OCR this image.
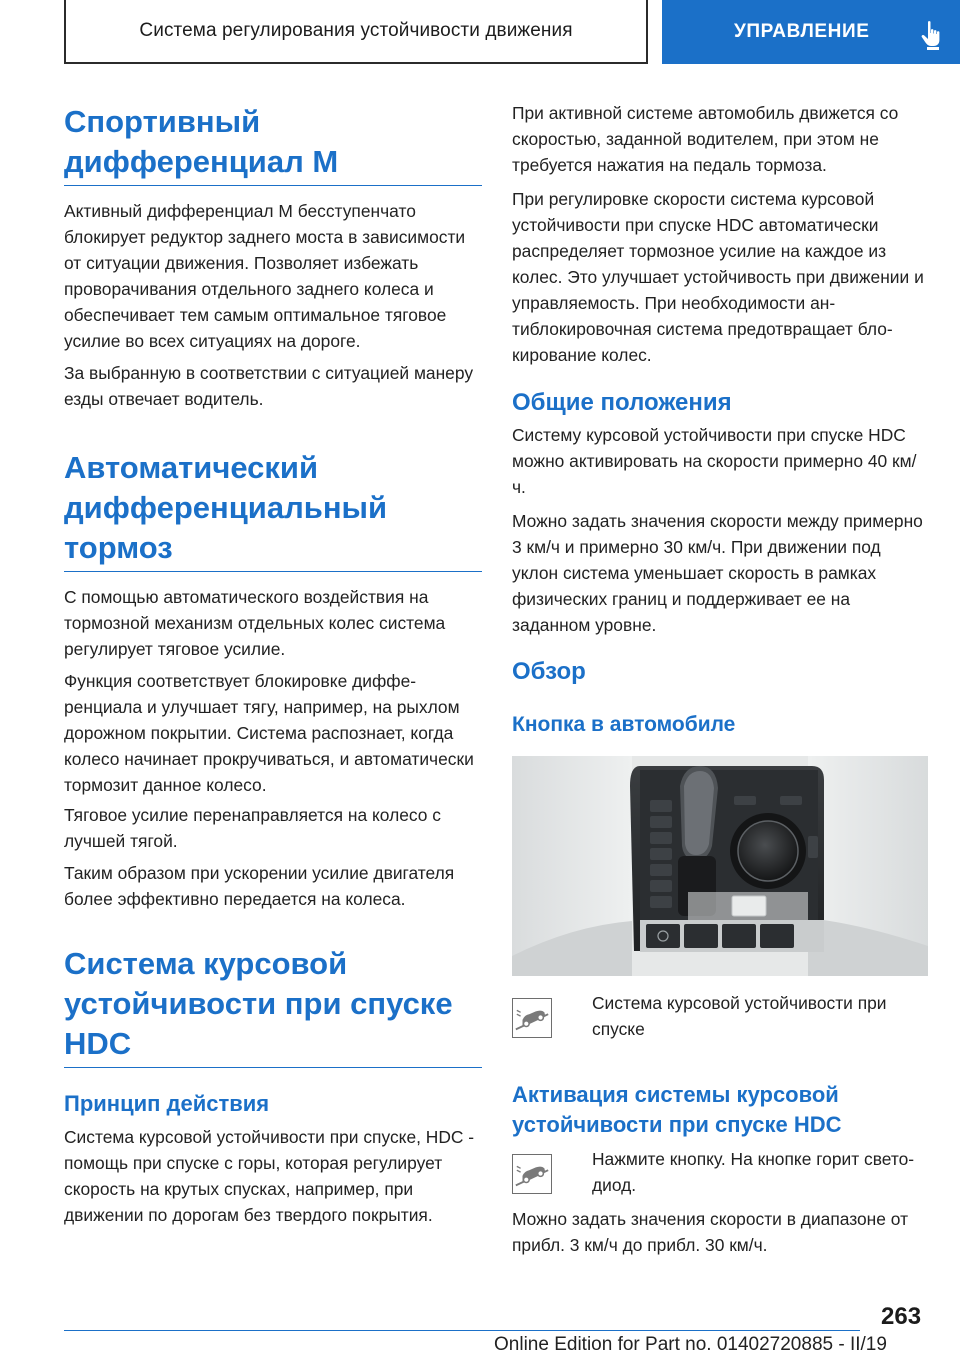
Система регулирования устойчивости движения	УПРАВЛЕНИЕ
Спортивный дифференциал M

Активный дифференциал M бесступенчато блокирует редуктор заднего моста в зависимости от ситуации движения. Позволяет избежать проворачивания отдельного заднего колеса и обеспечивает тем самым оптимальное тяговое усилие во всех ситуациях на дороге.

За выбранную в соответствии с ситуацией манеру езды отвечает водитель.

Автоматический дифференциальный тормоз

С помощью автоматического воздействия на тормозной механизм отдельных колес система регулирует тяговое усилие.

Функция соответствует блокировке дифференциала и улучшает тягу, например, на рыхлом дорожном покрытии. Система распознает, когда колесо начинает прокручиваться, и автоматически тормозит данное колесо.

Тяговое усилие перенаправляется на колесо с лучшей тягой.

Таким образом при ускорении усилие двигателя более эффективно передается на колеса.

Система курсовой устойчивости при спуске HDC
Принцип действия

Система курсовой устойчивости при спуске, HDC - помощь при спуске с горы, которая регулирует скорость на крутых спусках, например, при движении по дорогам без твердого покрытия.

При активной системе автомобиль движется со скоростью, заданной водителем, при этом не требуется нажатия на педаль тормоза.

При регулировке скорости система курсовой устойчивости при спуске HDC автоматически распределяет тормозное усилие на каждое из колес. Это улучшает устойчивость при движении и управляемость. При необходимости антиблокировочная система предотвращает блокирование колес.

Общие положения

Систему курсовой устойчивости при спуске HDC можно активировать на скорости примерно 40 км/ч.

Можно задать значения скорости между примерно 3 км/ч и примерно 30 км/ч. При движении под уклон система уменьшает скорость в рамках физических границ и поддерживает ее на заданном уровне.

Обзор
Кнопка в автомобиле

Система курсовой устойчивости при спуске

Активация системы курсовой устойчивости при спуске HDC

Нажмите кнопку. На кнопке горит светодиод.

Можно задать значения скорости в диапазоне от прибл. 3 км/ч до прибл. 30 км/ч.

263
Online Edition for Part no. 01402720885 - II/19
